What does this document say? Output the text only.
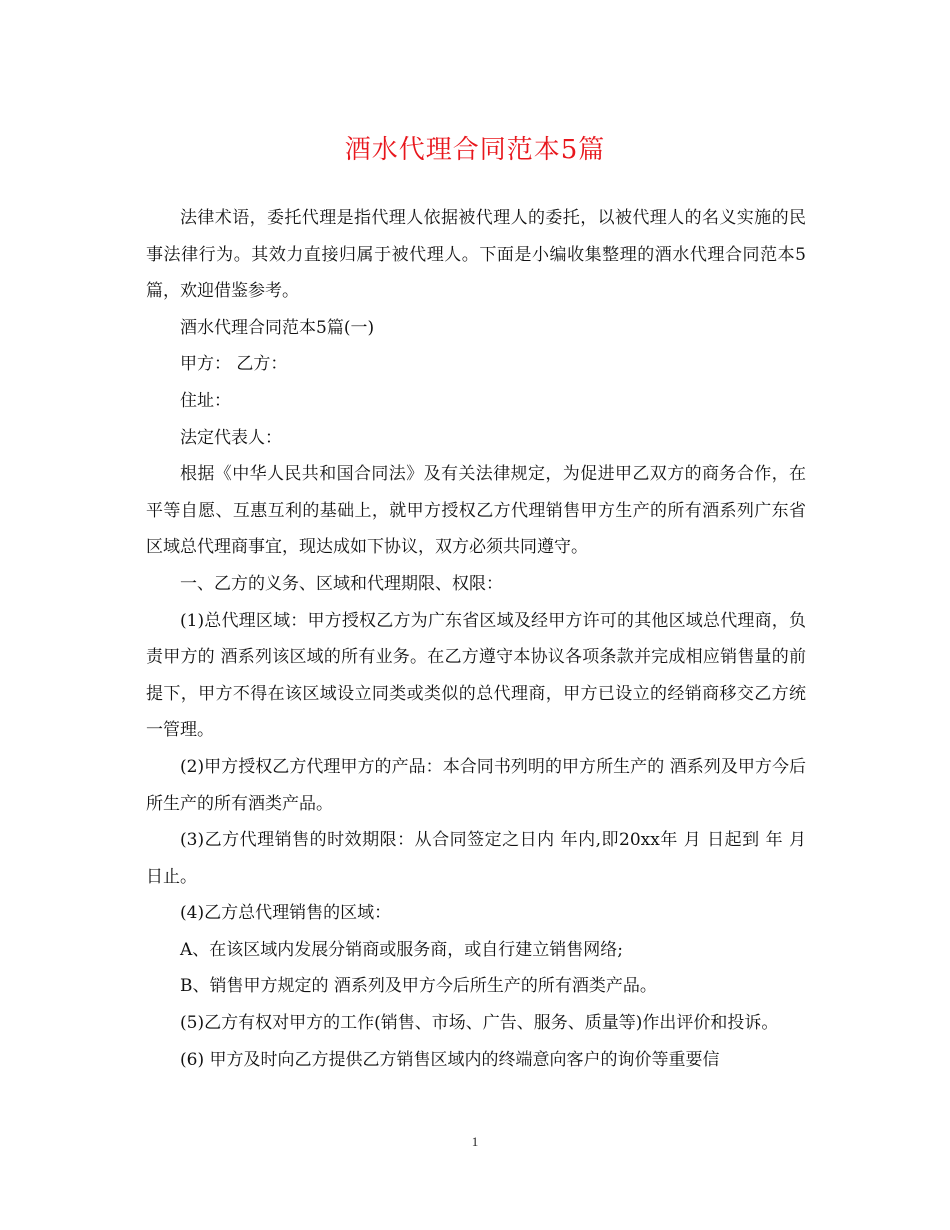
酒水代理合同范本5篇

法律术语，委托代理是指代理人依据被代理人的委托，以被代理人的名义实施的民事法律行为。其效力直接归属于被代理人。下面是小编收集整理的酒水代理合同范本5篇，欢迎借鉴参考。

酒水代理合同范本5篇(一)

甲方： 乙方：

住址：

法定代表人：

根据《中华人民共和国合同法》及有关法律规定，为促进甲乙双方的商务合作，在平等自愿、互惠互利的基础上，就甲方授权乙方代理销售甲方生产的所有酒系列广东省区域总代理商事宜，现达成如下协议，双方必须共同遵守。

一、乙方的义务、区域和代理期限、权限：

(1)总代理区域：甲方授权乙方为广东省区域及经甲方许可的其他区域总代理商，负责甲方的 酒系列该区域的所有业务。在乙方遵守本协议各项条款并完成相应销售量的前提下，甲方不得在该区域设立同类或类似的总代理商，甲方已设立的经销商移交乙方统一管理。

(2)甲方授权乙方代理甲方的产品：本合同书列明的甲方所生产的 酒系列及甲方今后所生产的所有酒类产品。

(3)乙方代理销售的时效期限：从合同签定之日内 年内,即20xx年 月 日起到 年 月 日止。

(4)乙方总代理销售的区域：

A、在该区域内发展分销商或服务商，或自行建立销售网络;

B、销售甲方规定的 酒系列及甲方今后所生产的所有酒类产品。

(5)乙方有权对甲方的工作(销售、市场、广告、服务、质量等)作出评价和投诉。

(6) 甲方及时向乙方提供乙方销售区域内的终端意向客户的询价等重要信

1
